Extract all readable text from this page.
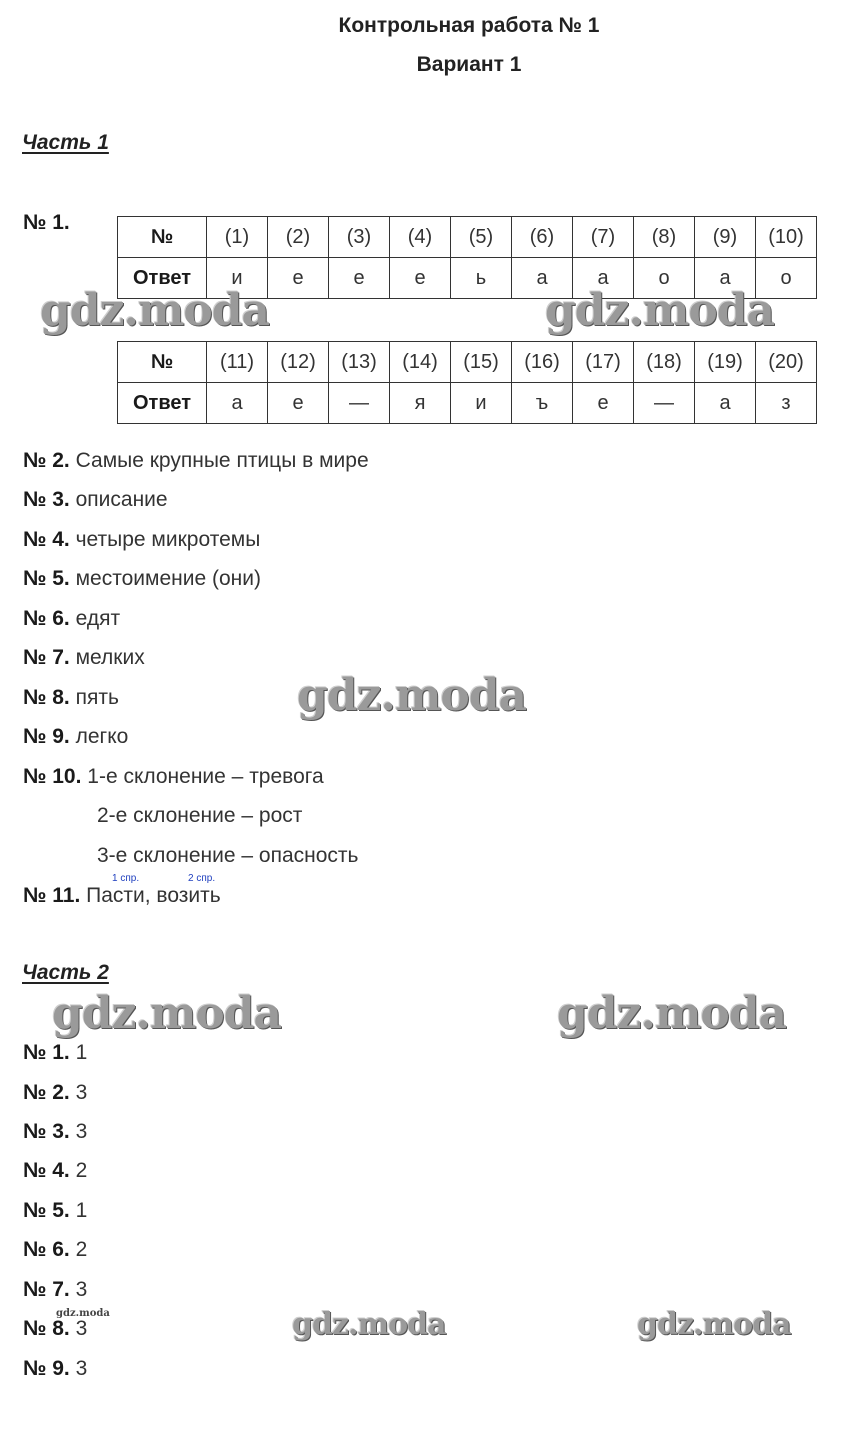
Контрольная работа № 1
Вариант 1
Часть 1
№ 1.
№	(1)	(2)	(3)	(4)	(5)	(6)	(7)	(8)	(9)	(10)
Ответ	и	е	е	е	ь	а	а	о	а	о
№	(11)	(12)	(13)	(14)	(15)	(16)	(17)	(18)	(19)	(20)
Ответ	а	е	—	я	и	ъ	е	—	а	з
№ 2. Самые крупные птицы в мире
№ 3. описание
№ 4. четыре микротемы
№ 5. местоимение (они)
№ 6. едят
№ 7. мелких
№ 8. пять
№ 9. легко
№ 10. 1-е склонение – тревога
2-е склонение – рост
3-е склонение – опасность
1 спр.	2 спр.
№ 11. Пасти, возить
Часть 2
№ 1. 1
№ 2. 3
№ 3. 3
№ 4. 2
№ 5. 1
№ 6. 2
№ 7. 3
№ 8. 3
№ 9. 3
gdz.moda	gdz.moda
gdz.moda
gdz.moda	gdz.moda
gdz.moda	gdz.moda	gdz.moda
